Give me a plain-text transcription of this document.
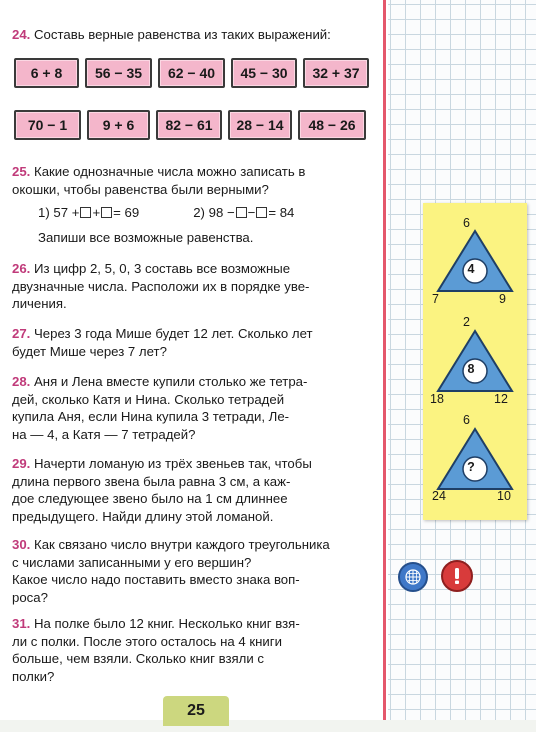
24. Составь верные равенства из таких выражений:
6 + 8	56 − 35	62 − 40	45 − 30	32 + 37
70 − 1	9 + 6	82 − 61	28 − 14	48 − 26
25. Какие однозначные числа можно записать в
окошки, чтобы равенства были верными?
1) 57 + + = 69	2) 98 − − = 84
Запиши все возможные равенства.
26. Из цифр 2, 5, 0, 3 составь все возможные
двузначные числа. Расположи их в порядке уве-
личения.
27. Через 3 года Мише будет 12 лет. Сколько лет
будет Мише через 7 лет?
28. Аня и Лена вместе купили столько же тетра-
дей, сколько Катя и Нина. Сколько тетрадей
купила Аня, если Нина купила 3 тетради, Ле-
на — 4, а Катя — 7 тетрадей?
29. Начерти ломаную из трёх звеньев так, чтобы
длина первого звена была равна 3 см, а каж-
дое следующее звено было на 1 см длиннее
предыдущего. Найди длину этой ломаной.
30. Как связано число внутри каждого треугольника
с числами записанными у его вершин?
Какое число надо поставить вместо знака воп-
роса?
31. На полке было 12 книг. Несколько книг взя-
ли с полки. После этого осталось на 4 книги
больше, чем взяли. Сколько книг взяли с
полки?
6
4
7	9
2
8
18	12
6
?
24	10
25
